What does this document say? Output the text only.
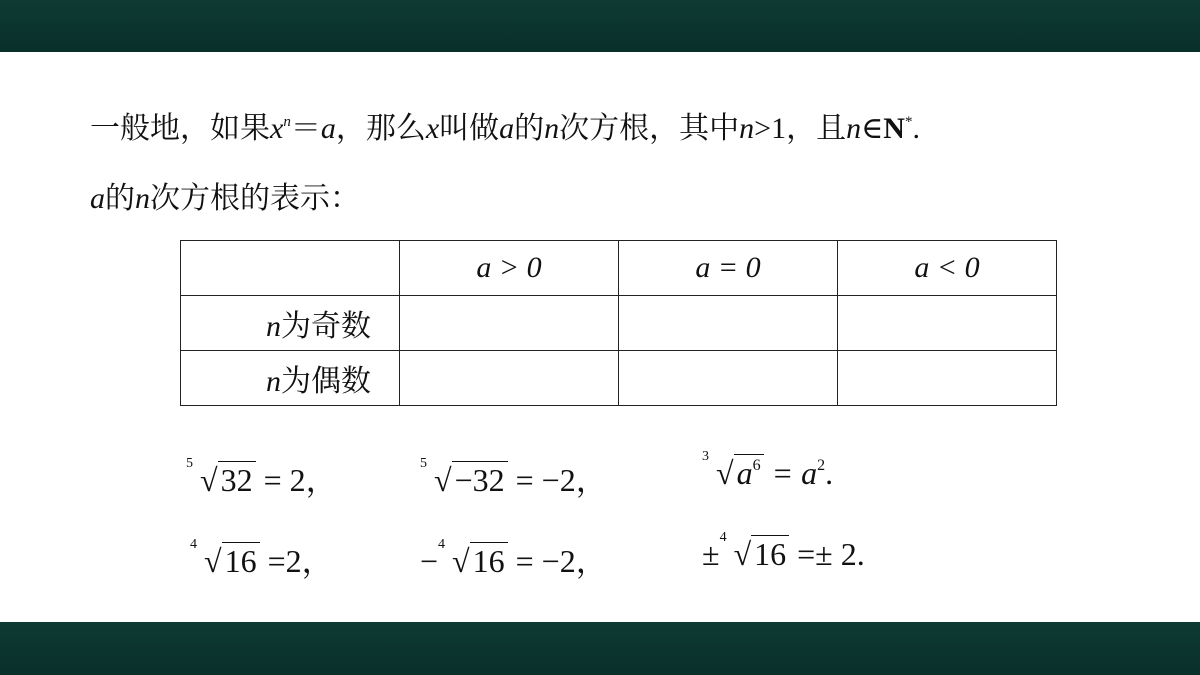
一般地，如果$x^n=a$，那么x叫做a的n次方根，其中n>1，且n∈N*.
a的n次方根的表示：
	a > 0	a = 0	a < 0
n为奇数			
n为偶数			
5 √32 = 2，	5 √−32 = −2，
3 $√a^6 = a^2$.
4 √16 =2，	− 4 √16 = −2，	± 4 √16 =± 2.
